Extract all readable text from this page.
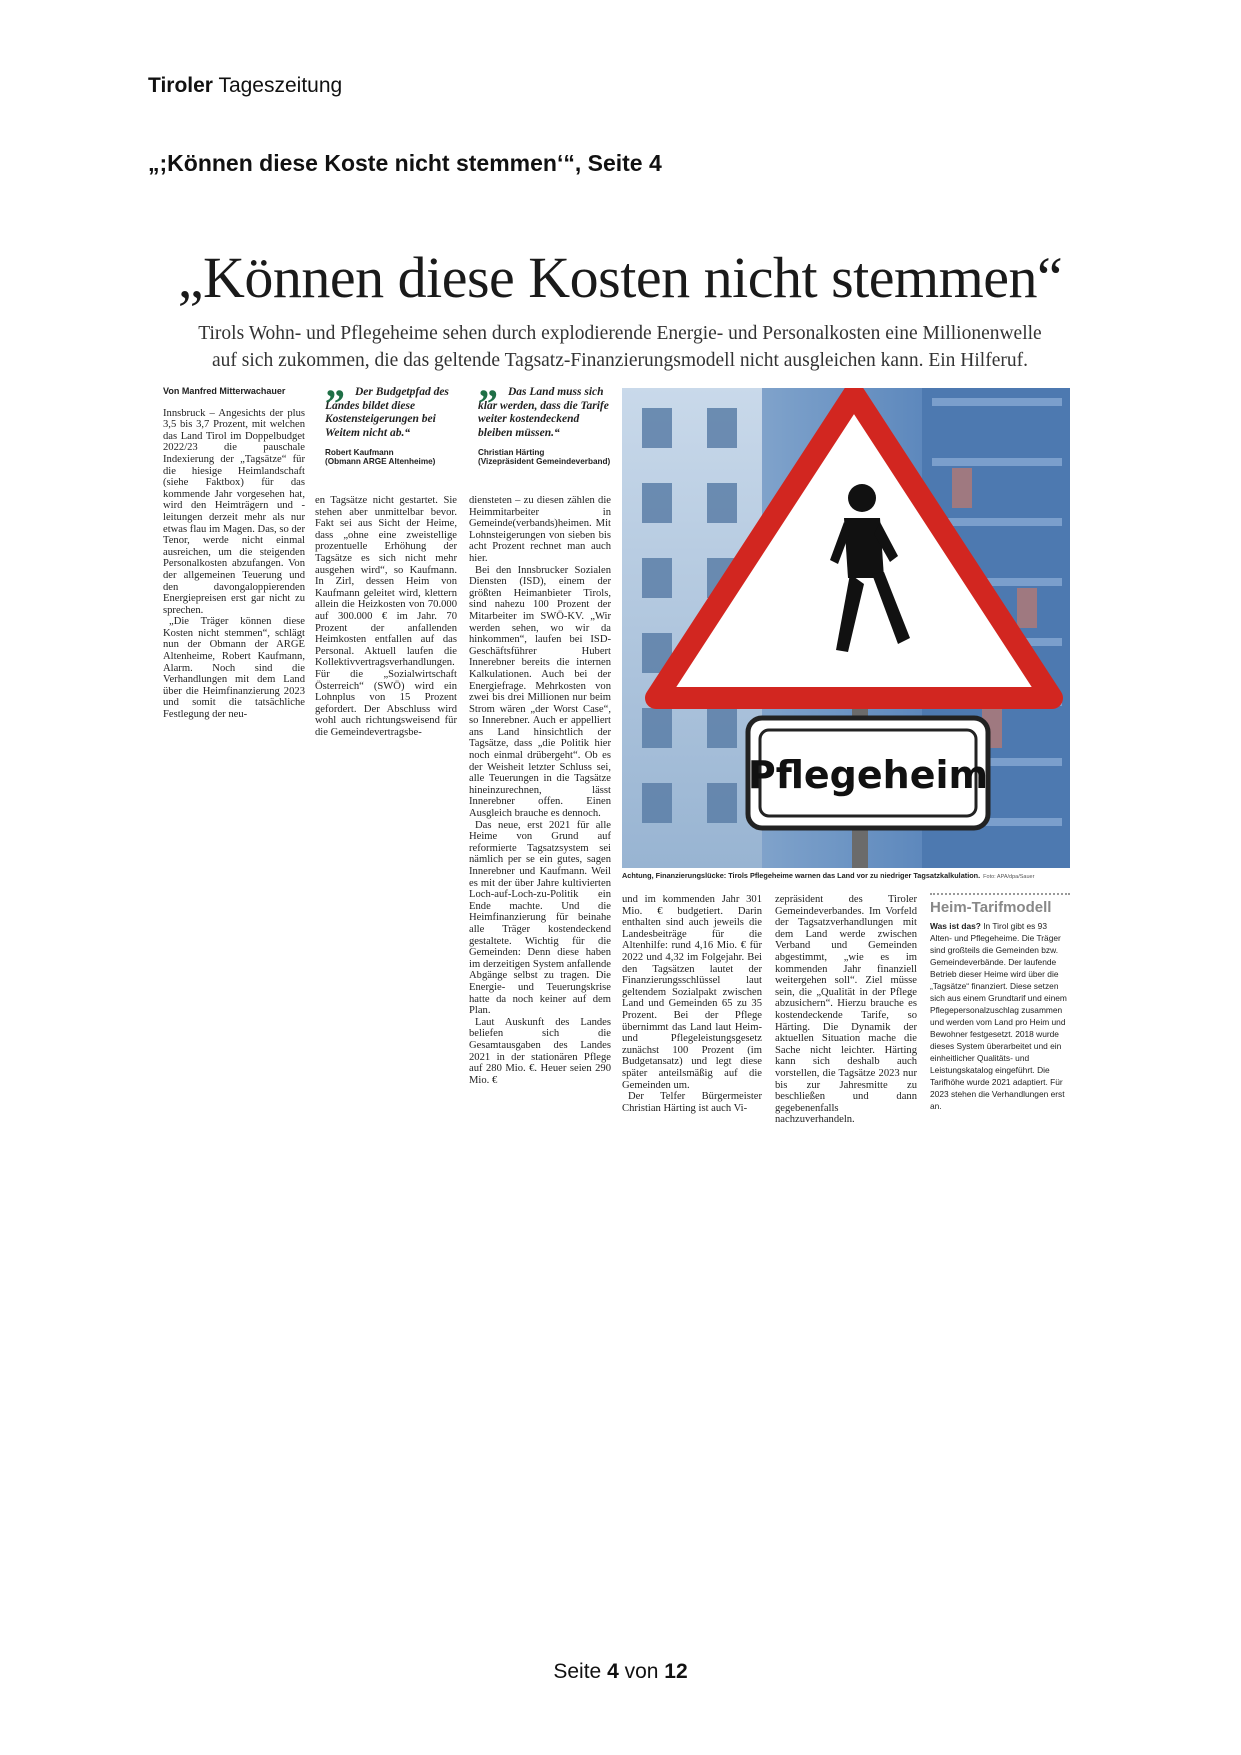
Tiroler Tageszeitung
„;Können diese Koste nicht stemmen‘“, Seite 4
„Können diese Kosten nicht stemmen“
Tirols Wohn- und Pflegeheime sehen durch explodierende Energie- und Personalkosten eine Millionenwelle
auf sich zukommen, die das geltende Tagsatz-Finanzierungsmodell nicht ausgleichen kann. Ein Hilferuf.
Von Manfred Mitterwachauer

Innsbruck – Angesichts der plus 3,5 bis 3,7 Prozent, mit welchen das Land Tirol im Doppelbudget 2022/23 die pauschale Indexierung der „Tagsätze“ für die hiesige Heimlandschaft (siehe Faktbox) für das kommende Jahr vorgesehen hat, wird den Heimträgern und -leitungen derzeit mehr als nur etwas flau im Magen. Das, so der Tenor, werde nicht einmal ausreichen, um die steigenden Personalkosten abzufangen. Von der allgemeinen Teuerung und den davongaloppierenden Energiepreisen erst gar nicht zu sprechen.

„Die Träger können diese Kosten nicht stemmen“, schlägt nun der Obmann der ARGE Altenheime, Robert Kaufmann, Alarm. Noch sind die Verhandlungen mit dem Land über die Heimfinanzierung 2023 und somit die tatsächliche Festlegung der neu-

” Der Budgetpfad des Landes bildet diese Kostensteigerungen bei Weitem nicht ab.“
Robert Kaufmann
(Obmann ARGE Altenheime)

en Tagsätze nicht gestartet. Sie stehen aber unmittelbar bevor. Fakt sei aus Sicht der Heime, dass „ohne eine zweistellige prozentuelle Erhöhung der Tagsätze es sich nicht mehr ausgehen wird“, so Kaufmann. In Zirl, dessen Heim von Kaufmann geleitet wird, klettern allein die Heizkosten von 70.000 auf 300.000 € im Jahr. 70 Prozent der anfallenden Heimkosten entfallen auf das Personal. Aktuell laufen die Kollektivvertragsverhandlungen. Für die „Sozialwirtschaft Österreich“ (SWÖ) wird ein Lohnplus von 15 Prozent gefordert. Der Abschluss wird wohl auch richtungsweisend für die Gemeindevertragsbe-

” Das Land muss sich klar werden, dass die Tarife weiter kostendeckend bleiben müssen.“
Christian Härting
(Vizepräsident Gemeindeverband)

diensteten – zu diesen zählen die Heimmitarbeiter in Gemeinde(verbands)heimen. Mit Lohnsteigerungen von sieben bis acht Prozent rechnet man auch hier.

Bei den Innsbrucker Sozialen Diensten (ISD), einem der größten Heimanbieter Tirols, sind nahezu 100 Prozent der Mitarbeiter im SWÖ-KV. „Wir werden sehen, wo wir da hinkommen“, laufen bei ISD-Geschäftsführer Hubert Innerebner bereits die internen Kalkulationen. Auch bei der Energiefrage. Mehrkosten von zwei bis drei Millionen nur beim Strom wären „der Worst Case“, so Innerebner. Auch er appelliert ans Land hinsichtlich der Tagsätze, dass „die Politik hier noch einmal drübergeht“. Ob es der Weisheit letzter Schluss sei, alle Teuerungen in die Tagsätze hineinzurechnen, lässt Innerebner offen. Einen Ausgleich brauche es dennoch.

Das neue, erst 2021 für alle Heime von Grund auf reformierte Tagsatzsystem sei nämlich per se ein gutes, sagen Innerebner und Kaufmann. Weil es mit der über Jahre kultivierten Loch-auf-Loch-zu-Politik ein Ende machte. Und die Heimfinanzierung für beinahe alle Träger kostendeckend gestaltete. Wichtig für die Gemeinden: Denn diese haben im derzeitigen System anfallende Abgänge selbst zu tragen. Die Energie- und Teuerungskrise hatte da noch keiner auf dem Plan.

Laut Auskunft des Landes beliefen sich die Gesamtausgaben des Landes 2021 in der stationären Pflege auf 280 Mio. €. Heuer seien 290 Mio. €

Pflegeheim
Achtung, Finanzierungslücke: Tirols Pflegeheime warnen das Land vor zu niedriger Tagsatzkalkulation. Foto: APA/dpa/Sauer

und im kommenden Jahr 301 Mio. € budgetiert. Darin enthalten sind auch jeweils die Landesbeiträge für die Altenhilfe: rund 4,16 Mio. € für 2022 und 4,32 im Folgejahr. Bei den Tagsätzen lautet der Finanzierungsschlüssel laut geltendem Sozialpakt zwischen Land und Gemeinden 65 zu 35 Prozent. Bei der Pflege übernimmt das Land laut Heim- und Pflegeleistungsgesetz zunächst 100 Prozent (im Budgetansatz) und legt diese später anteilsmäßig auf die Gemeinden um.

Der Telfer Bürgermeister Christian Härting ist auch Vi-

zepräsident des Tiroler Gemeindeverbandes. Im Vorfeld der Tagsatzverhandlungen mit dem Land werde zwischen Verband und Gemeinden abgestimmt, „wie es im kommenden Jahr finanziell weitergehen soll“. Ziel müsse sein, die „Qualität in der Pflege abzusichern“. Hierzu brauche es kostendeckende Tarife, so Härting. Die Dynamik der aktuellen Situation mache die Sache nicht leichter. Härting kann sich deshalb auch vorstellen, die Tagsätze 2023 nur bis zur Jahresmitte zu beschließen und dann gegebenenfalls nachzuverhandeln.

Heim-Tarifmodell
Was ist das? In Tirol gibt es 93 Alten- und Pflegeheime. Die Träger sind großteils die Gemeinden bzw. Gemeindeverbände. Der laufende Betrieb dieser Heime wird über die „Tagsätze“ finanziert. Diese setzen sich aus einem Grundtarif und einem Pflegepersonalzuschlag zusammen und werden vom Land pro Heim und Bewohner festgesetzt. 2018 wurde dieses System überarbeitet und ein einheitlicher Qualitäts- und Leistungskatalog eingeführt. Die Tarifhöhe wurde 2021 adaptiert. Für 2023 stehen die Verhandlungen erst an.
Seite 4 von 12
